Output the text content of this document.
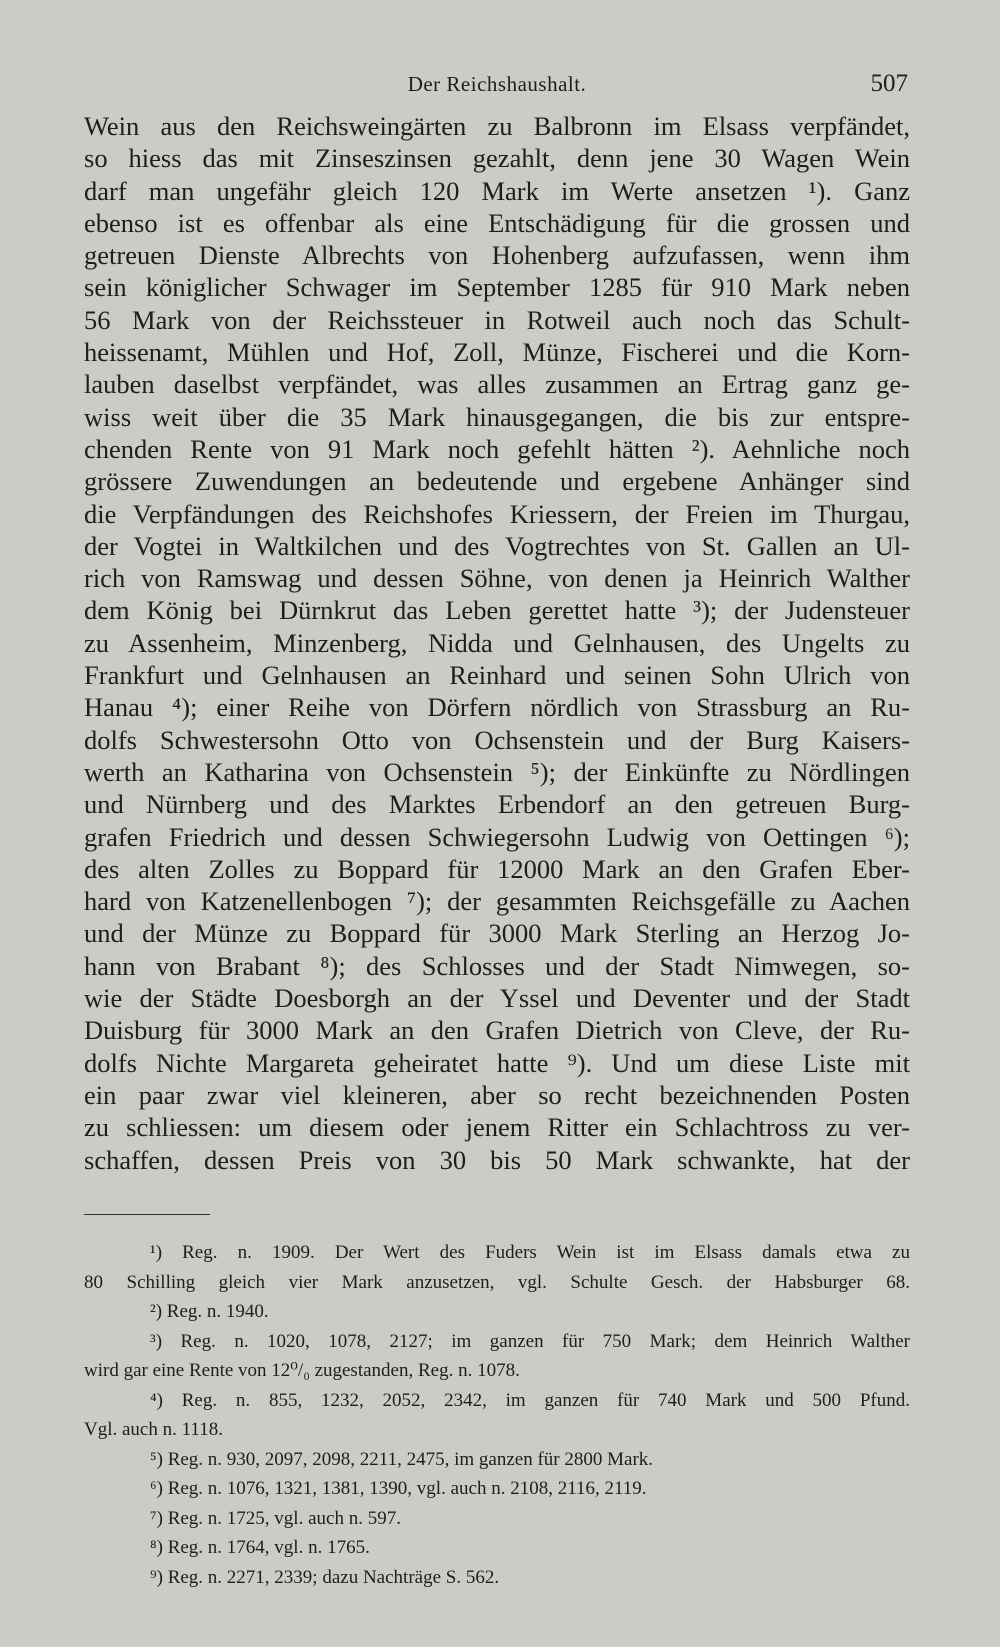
Der Reichshaushalt.	507
Wein aus den Reichsweingärten zu Balbronn im Elsass verpfändet,
so hiess das mit Zinseszinsen gezahlt, denn jene 30 Wagen Wein
darf man ungefähr gleich 120 Mark im Werte ansetzen ¹). Ganz
ebenso ist es offenbar als eine Entschädigung für die grossen und
getreuen Dienste Albrechts von Hohenberg aufzufassen, wenn ihm
sein königlicher Schwager im September 1285 für 910 Mark neben
56 Mark von der Reichssteuer in Rotweil auch noch das Schult-
heissenamt, Mühlen und Hof, Zoll, Münze, Fischerei und die Korn-
lauben daselbst verpfändet, was alles zusammen an Ertrag ganz ge-
wiss weit über die 35 Mark hinausgegangen, die bis zur entspre-
chenden Rente von 91 Mark noch gefehlt hätten ²). Aehnliche noch
grössere Zuwendungen an bedeutende und ergebene Anhänger sind
die Verpfändungen des Reichshofes Kriessern, der Freien im Thurgau,
der Vogtei in Waltkilchen und des Vogtrechtes von St. Gallen an Ul-
rich von Ramswag und dessen Söhne, von denen ja Heinrich Walther
dem König bei Dürnkrut das Leben gerettet hatte ³); der Judensteuer
zu Assenheim, Minzenberg, Nidda und Gelnhausen, des Ungelts zu
Frankfurt und Gelnhausen an Reinhard und seinen Sohn Ulrich von
Hanau ⁴); einer Reihe von Dörfern nördlich von Strassburg an Ru-
dolfs Schwestersohn Otto von Ochsenstein und der Burg Kaisers-
werth an Katharina von Ochsenstein ⁵); der Einkünfte zu Nördlingen
und Nürnberg und des Marktes Erbendorf an den getreuen Burg-
grafen Friedrich und dessen Schwiegersohn Ludwig von Oettingen ⁶);
des alten Zolles zu Boppard für 12000 Mark an den Grafen Eber-
hard von Katzenellenbogen ⁷); der gesammten Reichsgefälle zu Aachen
und der Münze zu Boppard für 3000 Mark Sterling an Herzog Jo-
hann von Brabant ⁸); des Schlosses und der Stadt Nimwegen, so-
wie der Städte Doesborgh an der Yssel und Deventer und der Stadt
Duisburg für 3000 Mark an den Grafen Dietrich von Cleve, der Ru-
dolfs Nichte Margareta geheiratet hatte ⁹). Und um diese Liste mit
ein paar zwar viel kleineren, aber so recht bezeichnenden Posten
zu schliessen: um diesem oder jenem Ritter ein Schlachtross zu ver-
schaffen, dessen Preis von 30 bis 50 Mark schwankte, hat der
¹) Reg. n. 1909. Der Wert des Fuders Wein ist im Elsass damals etwa zu
80 Schilling gleich vier Mark anzusetzen, vgl. Schulte Gesch. der Habsburger 68.
²) Reg. n. 1940.
³) Reg. n. 1020, 1078, 2127; im ganzen für 750 Mark; dem Heinrich Walther
wird gar eine Rente von 12⁰/₀ zugestanden, Reg. n. 1078.
⁴) Reg. n. 855, 1232, 2052, 2342, im ganzen für 740 Mark und 500 Pfund.
Vgl. auch n. 1118.
⁵) Reg. n. 930, 2097, 2098, 2211, 2475, im ganzen für 2800 Mark.
⁶) Reg. n. 1076, 1321, 1381, 1390, vgl. auch n. 2108, 2116, 2119.
⁷) Reg. n. 1725, vgl. auch n. 597.
⁸) Reg. n. 1764, vgl. n. 1765.
⁹) Reg. n. 2271, 2339; dazu Nachträge S. 562.
